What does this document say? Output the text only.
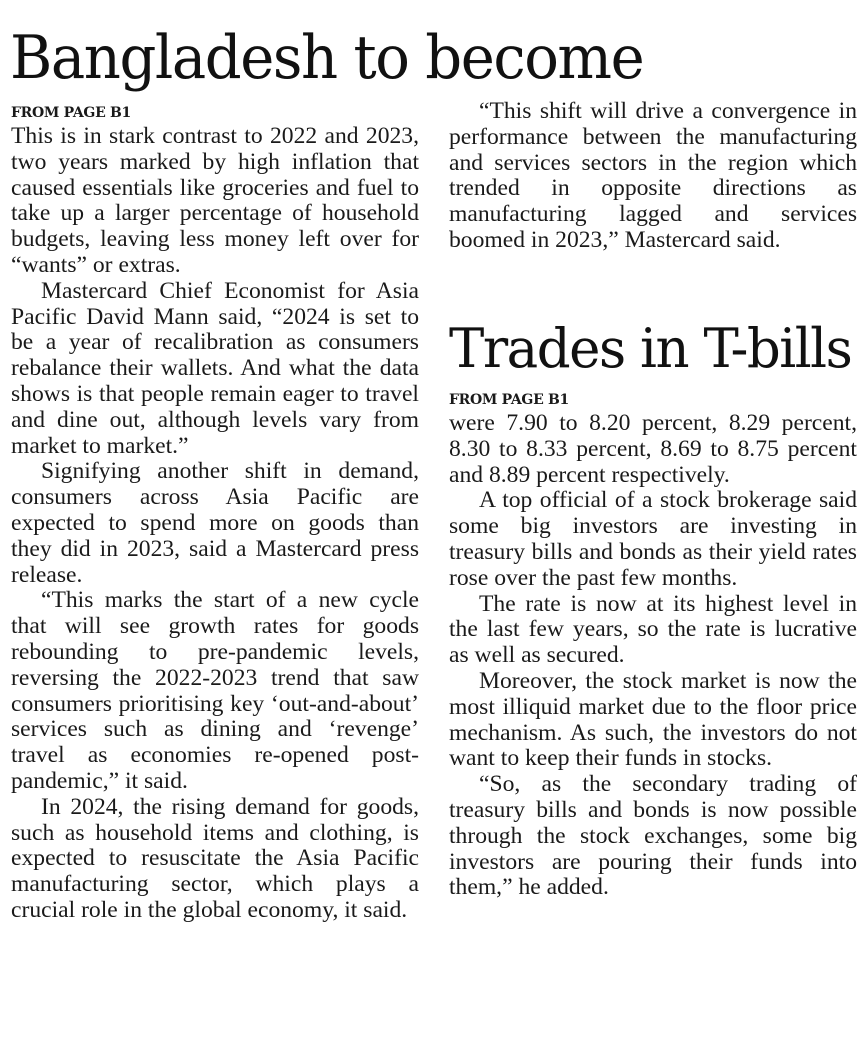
Bangladesh to become
FROM PAGE B1

This is in stark contrast to 2022 and 2023, two years marked by high inflation that caused essentials like groceries and fuel to take up a larger percentage of household budgets, leaving less money left over for “wants” or extras.

Mastercard Chief Economist for Asia Pacific David Mann said, “2024 is set to be a year of recalibration as consumers rebalance their wallets. And what the data shows is that people remain eager to travel and dine out, although levels vary from market to market.”

Signifying another shift in demand, consumers across Asia Pacific are expected to spend more on goods than they did in 2023, said a Mastercard press release.

“This marks the start of a new cycle that will see growth rates for goods rebounding to pre-pandemic levels, reversing the 2022-2023 trend that saw consumers prioritising key ‘out-and-about’ services such as dining and ‘revenge’ travel as economies re-opened post-pandemic,” it said.

In 2024, the rising demand for goods, such as household items and clothing, is expected to resuscitate the Asia Pacific manufacturing sector, which plays a crucial role in the global economy, it said.

“This shift will drive a convergence in performance between the manufacturing and services sectors in the region which trended in opposite directions as manufacturing lagged and services boomed in 2023,” Mastercard said.

Trades in T-bills
FROM PAGE B1

were 7.90 to 8.20 percent, 8.29 percent, 8.30 to 8.33 percent, 8.69 to 8.75 percent and 8.89 percent respectively.

A top official of a stock brokerage said some big investors are investing in treasury bills and bonds as their yield rates rose over the past few months.

The rate is now at its highest level in the last few years, so the rate is lucrative as well as secured.

Moreover, the stock market is now the most illiquid market due to the floor price mechanism. As such, the investors do not want to keep their funds in stocks.

“So, as the secondary trading of treasury bills and bonds is now possible through the stock exchanges, some big investors are pouring their funds into them,” he added.
